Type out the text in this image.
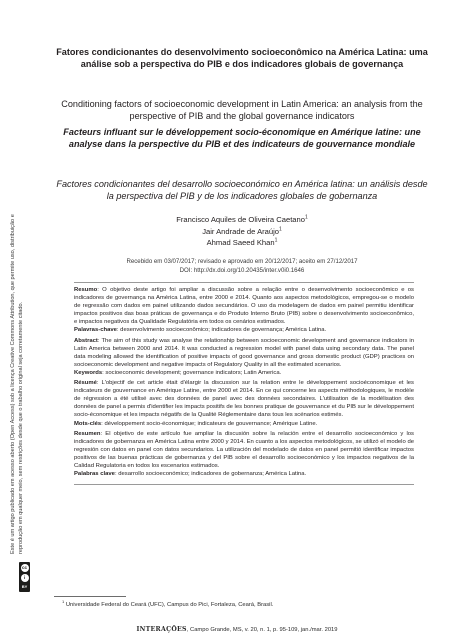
Fatores condicionantes do desenvolvimento socioeconômico na América Latina: uma análise sob a perspectiva do PIB e dos indicadores globais de governança

Conditioning factors of socioeconomic development in Latin America: an analysis from the perspective of PIB and the global governance indicators

Facteurs influant sur le développement socio-économique en Amérique latine: une analyse dans la perspective du PIB et des indicateurs de gouvernance mondiale

Factores condicionantes del desarrollo socioeconómico en América latina: un análisis desde la perspectiva del PIB y de los indicadores globales de gobernanza

Francisco Aquiles de Oliveira Caetano$^1$
Jair Andrade de Araújo$^1$
Ahmad Saeed Khan$^1$
Recebido em 03/07/2017; revisado e aprovado em 20/12/2017; aceito em 27/12/2017
DOI: http://dx.doi.org/10.20435/inter.v0i0.1646

Resumo: O objetivo deste artigo foi ampliar a discussão sobre a relação entre o desenvolvimento socioeconômico e os indicadores de governança na América Latina, entre 2000 e 2014. Quanto aos aspectos metodológicos, empregou-se o modelo de regressão com dados em painel utilizando dados secundários. O uso da modelagem de dados em painel permitiu identificar impactos positivos das boas práticas de governança e do Produto Interno Bruto (PIB) sobre o desenvolvimento socioeconômico, e impactos negativos da Qualidade Regulatória em todos os cenários estimados.

Palavras-chave: desenvolvimento socioeconômico; indicadores de governança; América Latina.

Abstract: The aim of this study was analyse the relationship between socioeconomic development and governance indicators in Latin America between 2000 and 2014. It was conducted a regression model with panel data using secondary data. The panel data modeling allowed the identification of positive impacts of good governance and gross domestic product (GDP) practices on socioeconomic development and negative impacts of Regulatory Quality in all the estimated scenarios.

Keywords: socioeconomic development; governance indicators; Latin America.

Résumé: L'objectif de cet article était d'élargir la discussion sur la relation entre le développement socioéconomique et les indicateurs de gouvernance en Amérique Latine, entre 2000 et 2014. En ce qui concerne les aspects méthodologiques, le modèle de régression a été utilisé avec des données de panel avec des données secondaires. L'utilisation de la modélisation des données de panel a permis d'identifier les impacts positifs de les bonnes pratique de gouvernance et du PIB sur le développement socio-économique et les impacts négatifs de la Qualité Réglementaire dans tous les scénarios estimés.

Mots-clés: développement socio-économique; indicateurs de gouvernance; Amérique Latine.

Resumen: El objetivo de este artículo fue ampliar la discusión sobre la relación entre el desarrollo socioeconómico y los indicadores de gobernanza en América Latina entre 2000 y 2014. En cuanto a los aspectos metodológicos, se utilizó el modelo de regresión con datos en panel con datos secundarios. La utilización del modelado de datos en panel permitió identificar impactos positivos de las buenas prácticas de gobernanza y del PIB sobre el desarrollo socioeconómico y los impactos negativos de la Calidad Regulatoria en todos los escenarios estimados.

Palabras clave: desarrollo socioeconómico; indicadores de gobernanza; América Latina.

Este é um artigo publicado em acesso aberto (Open Access) sob a licença Creative Commons Attribution, que permite uso, distribuição e reprodução em qualquer meio, sem restrições desde que o trabalho original seja corretamente citado.
cc
i
BY
$^1$ Universidade Federal do Ceará (UFC), Campus do Pici, Fortaleza, Ceará, Brasil.
INTERAÇÕES, Campo Grande, MS, v. 20, n. 1, p. 95-109, jan./mar. 2019
